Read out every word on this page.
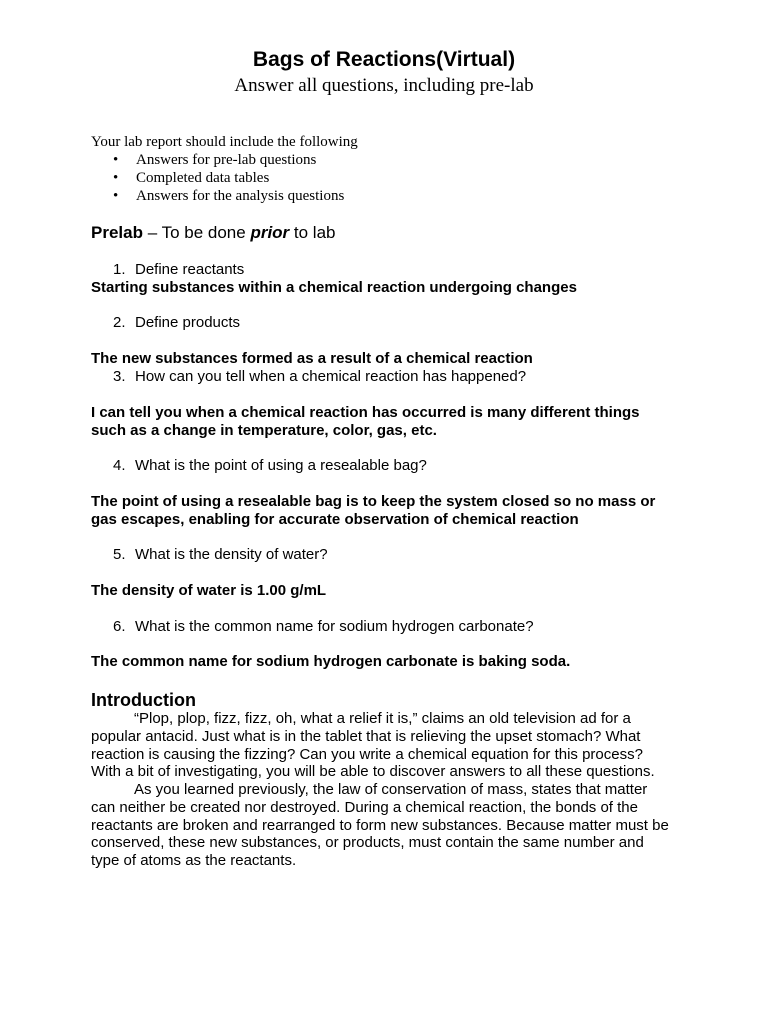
Bags of Reactions(Virtual)
Answer all questions, including pre-lab
Your lab report should include the following
• Answers for pre-lab questions
• Completed data tables
• Answers for the analysis questions
Prelab – To be done prior to lab
1. Define reactants
Starting substances within a chemical reaction undergoing changes
2. Define products
The new substances formed as a result of a chemical reaction
3. How can you tell when a chemical reaction has happened?
I can tell you when a chemical reaction has occurred is many different things
such as a change in temperature, color, gas, etc.
4. What is the point of using a resealable bag?
The point of using a resealable bag is to keep the system closed so no mass or
gas escapes, enabling for accurate observation of chemical reaction
5. What is the density of water?
The density of water is 1.00 g/mL
6. What is the common name for sodium hydrogen carbonate?
The common name for sodium hydrogen carbonate is baking soda.
Introduction
“Plop, plop, fizz, fizz, oh, what a relief it is,” claims an old television ad for a
popular antacid. Just what is in the tablet that is relieving the upset stomach? What
reaction is causing the fizzing? Can you write a chemical equation for this process?
With a bit of investigating, you will be able to discover answers to all these questions.
As you learned previously, the law of conservation of mass, states that matter
can neither be created nor destroyed. During a chemical reaction, the bonds of the
reactants are broken and rearranged to form new substances. Because matter must be
conserved, these new substances, or products, must contain the same number and
type of atoms as the reactants.
